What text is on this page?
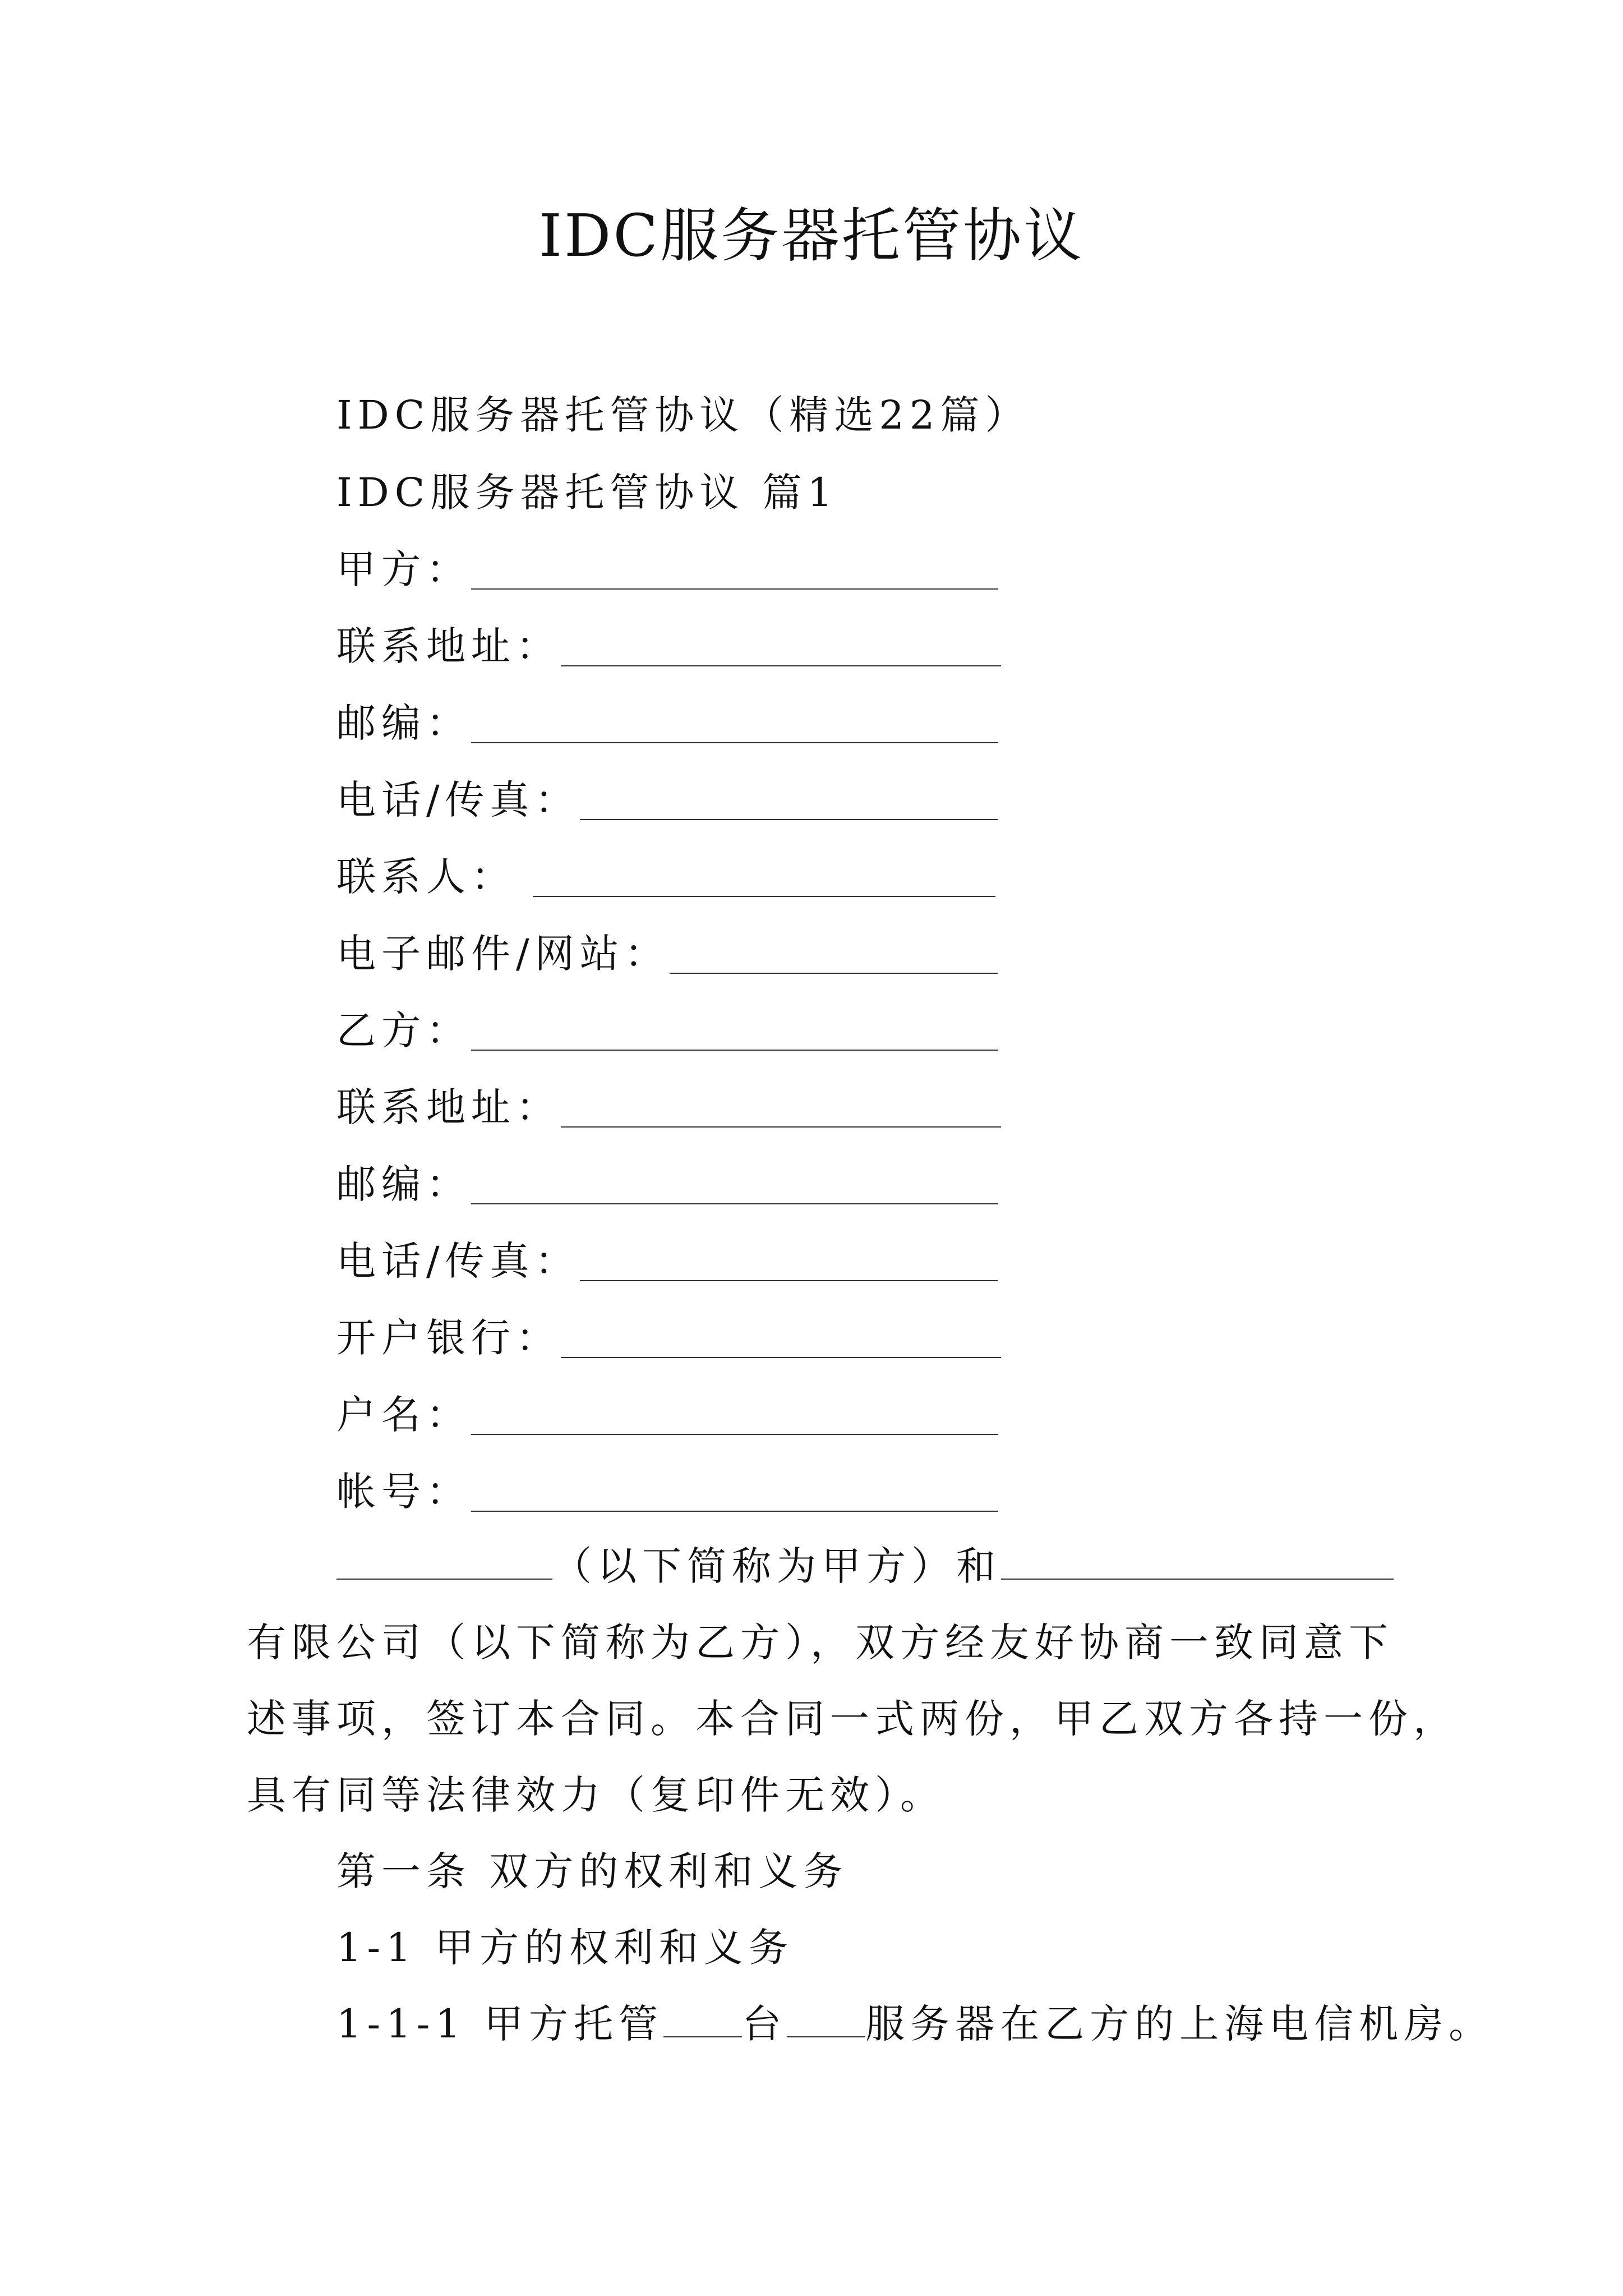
IDC服务器托管协议
IDC服务器托管协议（精选22篇）
IDC服务器托管协议 篇1
甲方：
联系地址：
邮编：
电话/传真：
联系人：
电子邮件/网站：
乙方：
联系地址：
邮编：
电话/传真：
开户银行：
户名：
帐号：
（以下简称为甲方）和
有限公司（以下简称为乙方），双方经友好协商一致同意下
述事项，签订本合同。本合同一式两份，甲乙双方各持一份，
具有同等法律效力（复印件无效）。
第一条 双方的权利和义务
1-1 甲方的权利和义务
1-1-1 甲方托管 台 服务器在乙方的上海电信机房。
